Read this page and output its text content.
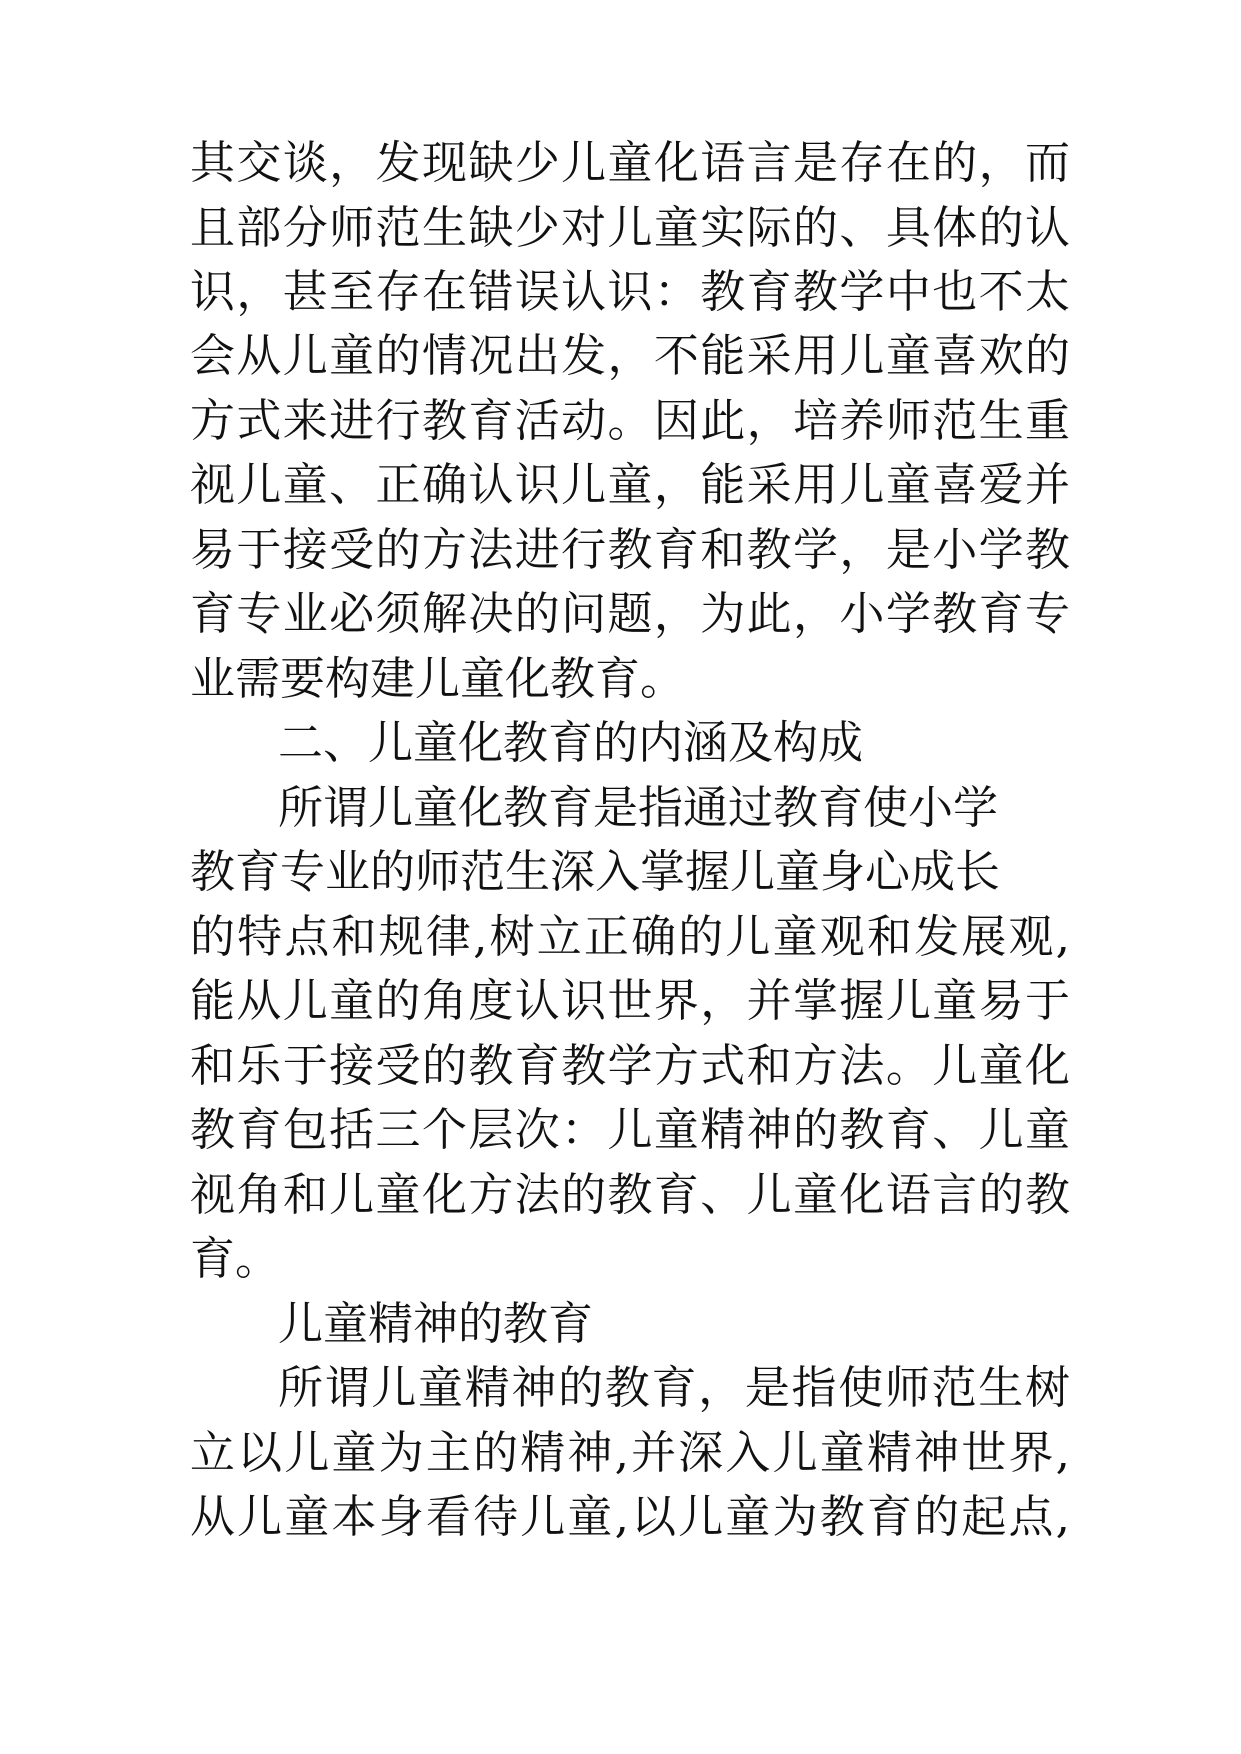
其交谈，发现缺少儿童化语言是存在的，而
且部分师范生缺少对儿童实际的、具体的认
识，甚至存在错误认识：教育教学中也不太
会从儿童的情况出发，不能采用儿童喜欢的
方式来进行教育活动。因此，培养师范生重
视儿童、正确认识儿童，能采用儿童喜爱并
易于接受的方法进行教育和教学，是小学教
育专业必须解决的问题，为此，小学教育专
业需要构建儿童化教育。
二、儿童化教育的内涵及构成
所谓儿童化教育是指通过教育使小学
教育专业的师范生深入掌握儿童身心成长
的特点和规律,树立正确的儿童观和发展观,
能从儿童的角度认识世界，并掌握儿童易于
和乐于接受的教育教学方式和方法。儿童化
教育包括三个层次：儿童精神的教育、儿童
视角和儿童化方法的教育、儿童化语言的教
育。
儿童精神的教育
所谓儿童精神的教育，是指使师范生树
立以儿童为主的精神,并深入儿童精神世界,
从儿童本身看待儿童,以儿童为教育的起点,
